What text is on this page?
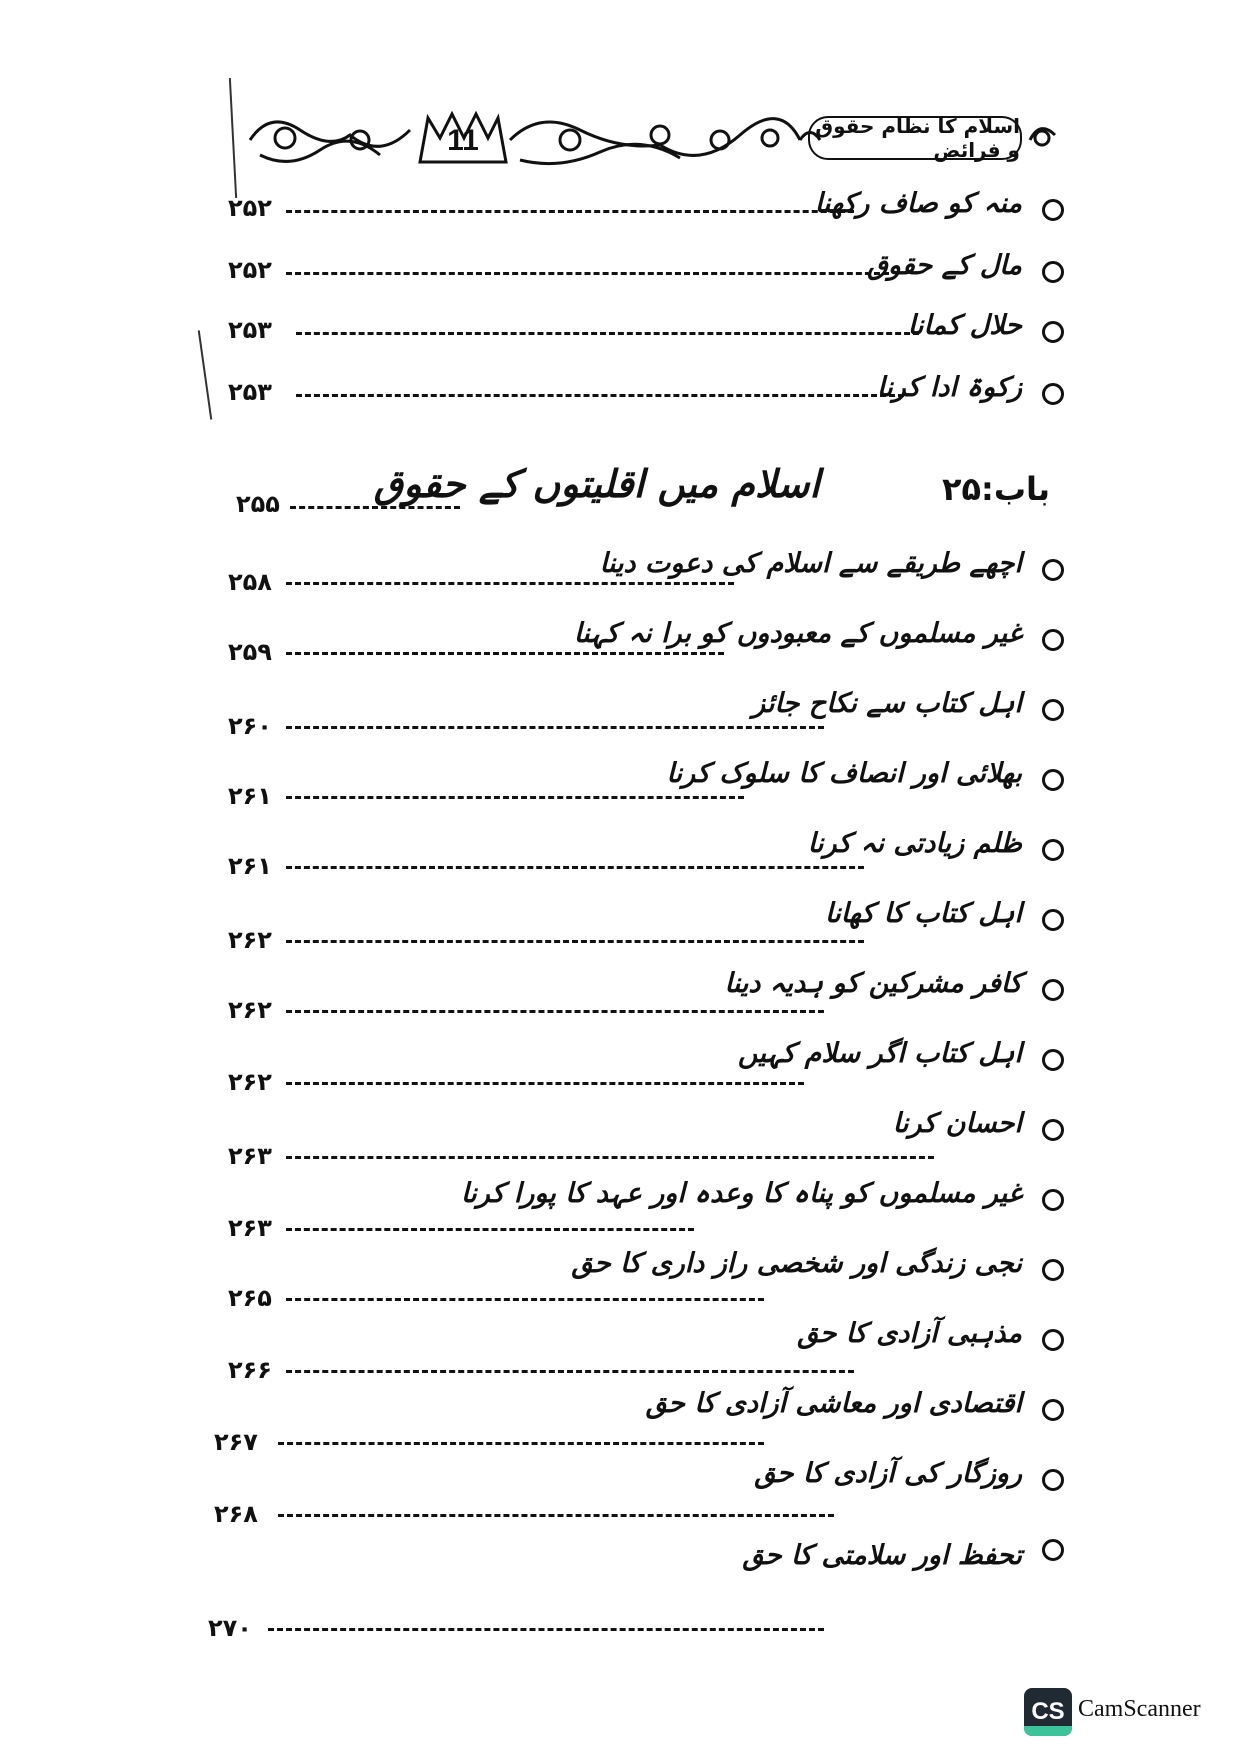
11	اسلام کا نظام حقوق و فرائض
منہ کو صاف رکھنا
۲۵۲
مال کے حقوق
۲۵۲
حلال کمانا
۲۵۳
زکوۃ ادا کرنا
۲۵۳
باب:۲۵
اسلام میں اقلیتوں کے حقوق
۲۵۵
اچھے طریقے سے اسلام کی دعوت دینا
۲۵۸
غیر مسلموں کے معبودوں کو برا نہ کہنا
۲۵۹
اہل کتاب سے نکاح جائز
۲۶۰
بھلائی اور انصاف کا سلوک کرنا
۲۶۱
ظلم زیادتی نہ کرنا
۲۶۱
اہل کتاب کا کھانا
۲۶۲
کافر مشرکین کو ہدیہ دینا
۲۶۲
اہل کتاب اگر سلام کہیں
۲۶۲
احسان کرنا
۲۶۳
غیر مسلموں کو پناہ کا وعدہ اور عہد کا پورا کرنا
۲۶۳
نجی زندگی اور شخصی راز داری کا حق
۲۶۵
مذہبی آزادی کا حق
۲۶۶
اقتصادی اور معاشی آزادی کا حق
۲۶۷
روزگار کی آزادی کا حق
۲۶۸
تحفظ اور سلامتی کا حق
۲۷۰
CS CamScanner
